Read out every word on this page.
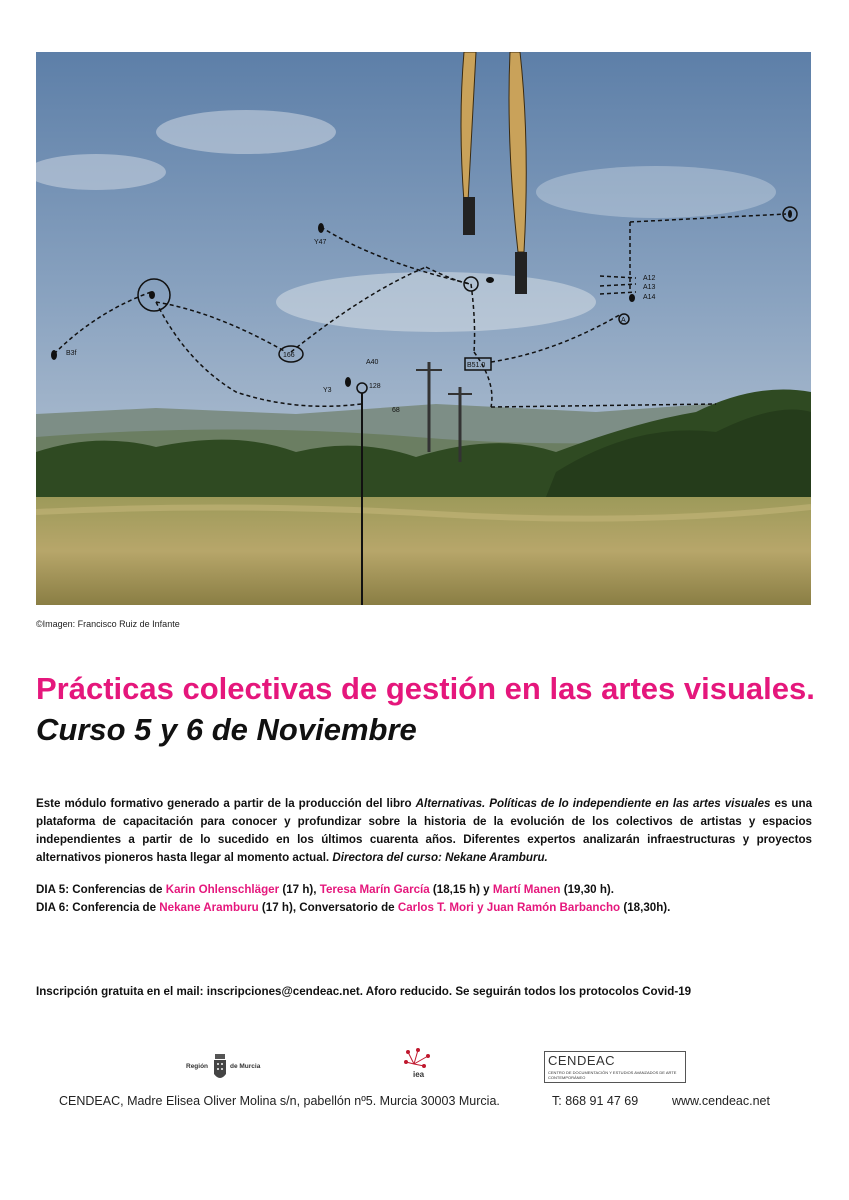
B3f
Y47
166
A40
Y3
128
68
B51.0
A12
A13
A14
A
©Imagen: Francisco Ruiz de Infante
Prácticas colectivas de gestión en las artes visuales. Curso 5 y 6 de Noviembre

Este módulo formativo generado a partir de la producción del libro Alternativas. Políticas de lo independiente en las artes visuales es una plataforma de capacitación para conocer y profundizar sobre la historia de la evolución de los colectivos de artistas y espacios independientes a partir de lo sucedido en los últimos cuarenta años. Diferentes expertos analizarán infraestructuras y proyectos alternativos pioneros hasta llegar al momento actual. Directora del curso: Nekane Aramburu.

DIA 5: Conferencias de Karin Ohlenschläger (17 h), Teresa Marín García (18,15 h) y Martí Manen (19,30 h).
DIA 6: Conferencia de Nekane Aramburu (17 h), Conversatorio de Carlos T. Mori y Juan Ramón Barbancho (18,30h).
Inscripción gratuita en el mail: inscripciones@cendeac.net. Aforo reducido. Se seguirán todos los protocolos Covid-19
Región	de Murcia
iea
CENDEAC
CENTRO DE DOCUMENTACIÓN Y ESTUDIOS AVANZADOS DE ARTE CONTEMPORÁNEO
CENDEAC, Madre Elisea Oliver Molina s/n, pabellón nº5. Murcia 30003 Murcia.	T: 868 91 47 69	www.cendeac.net
